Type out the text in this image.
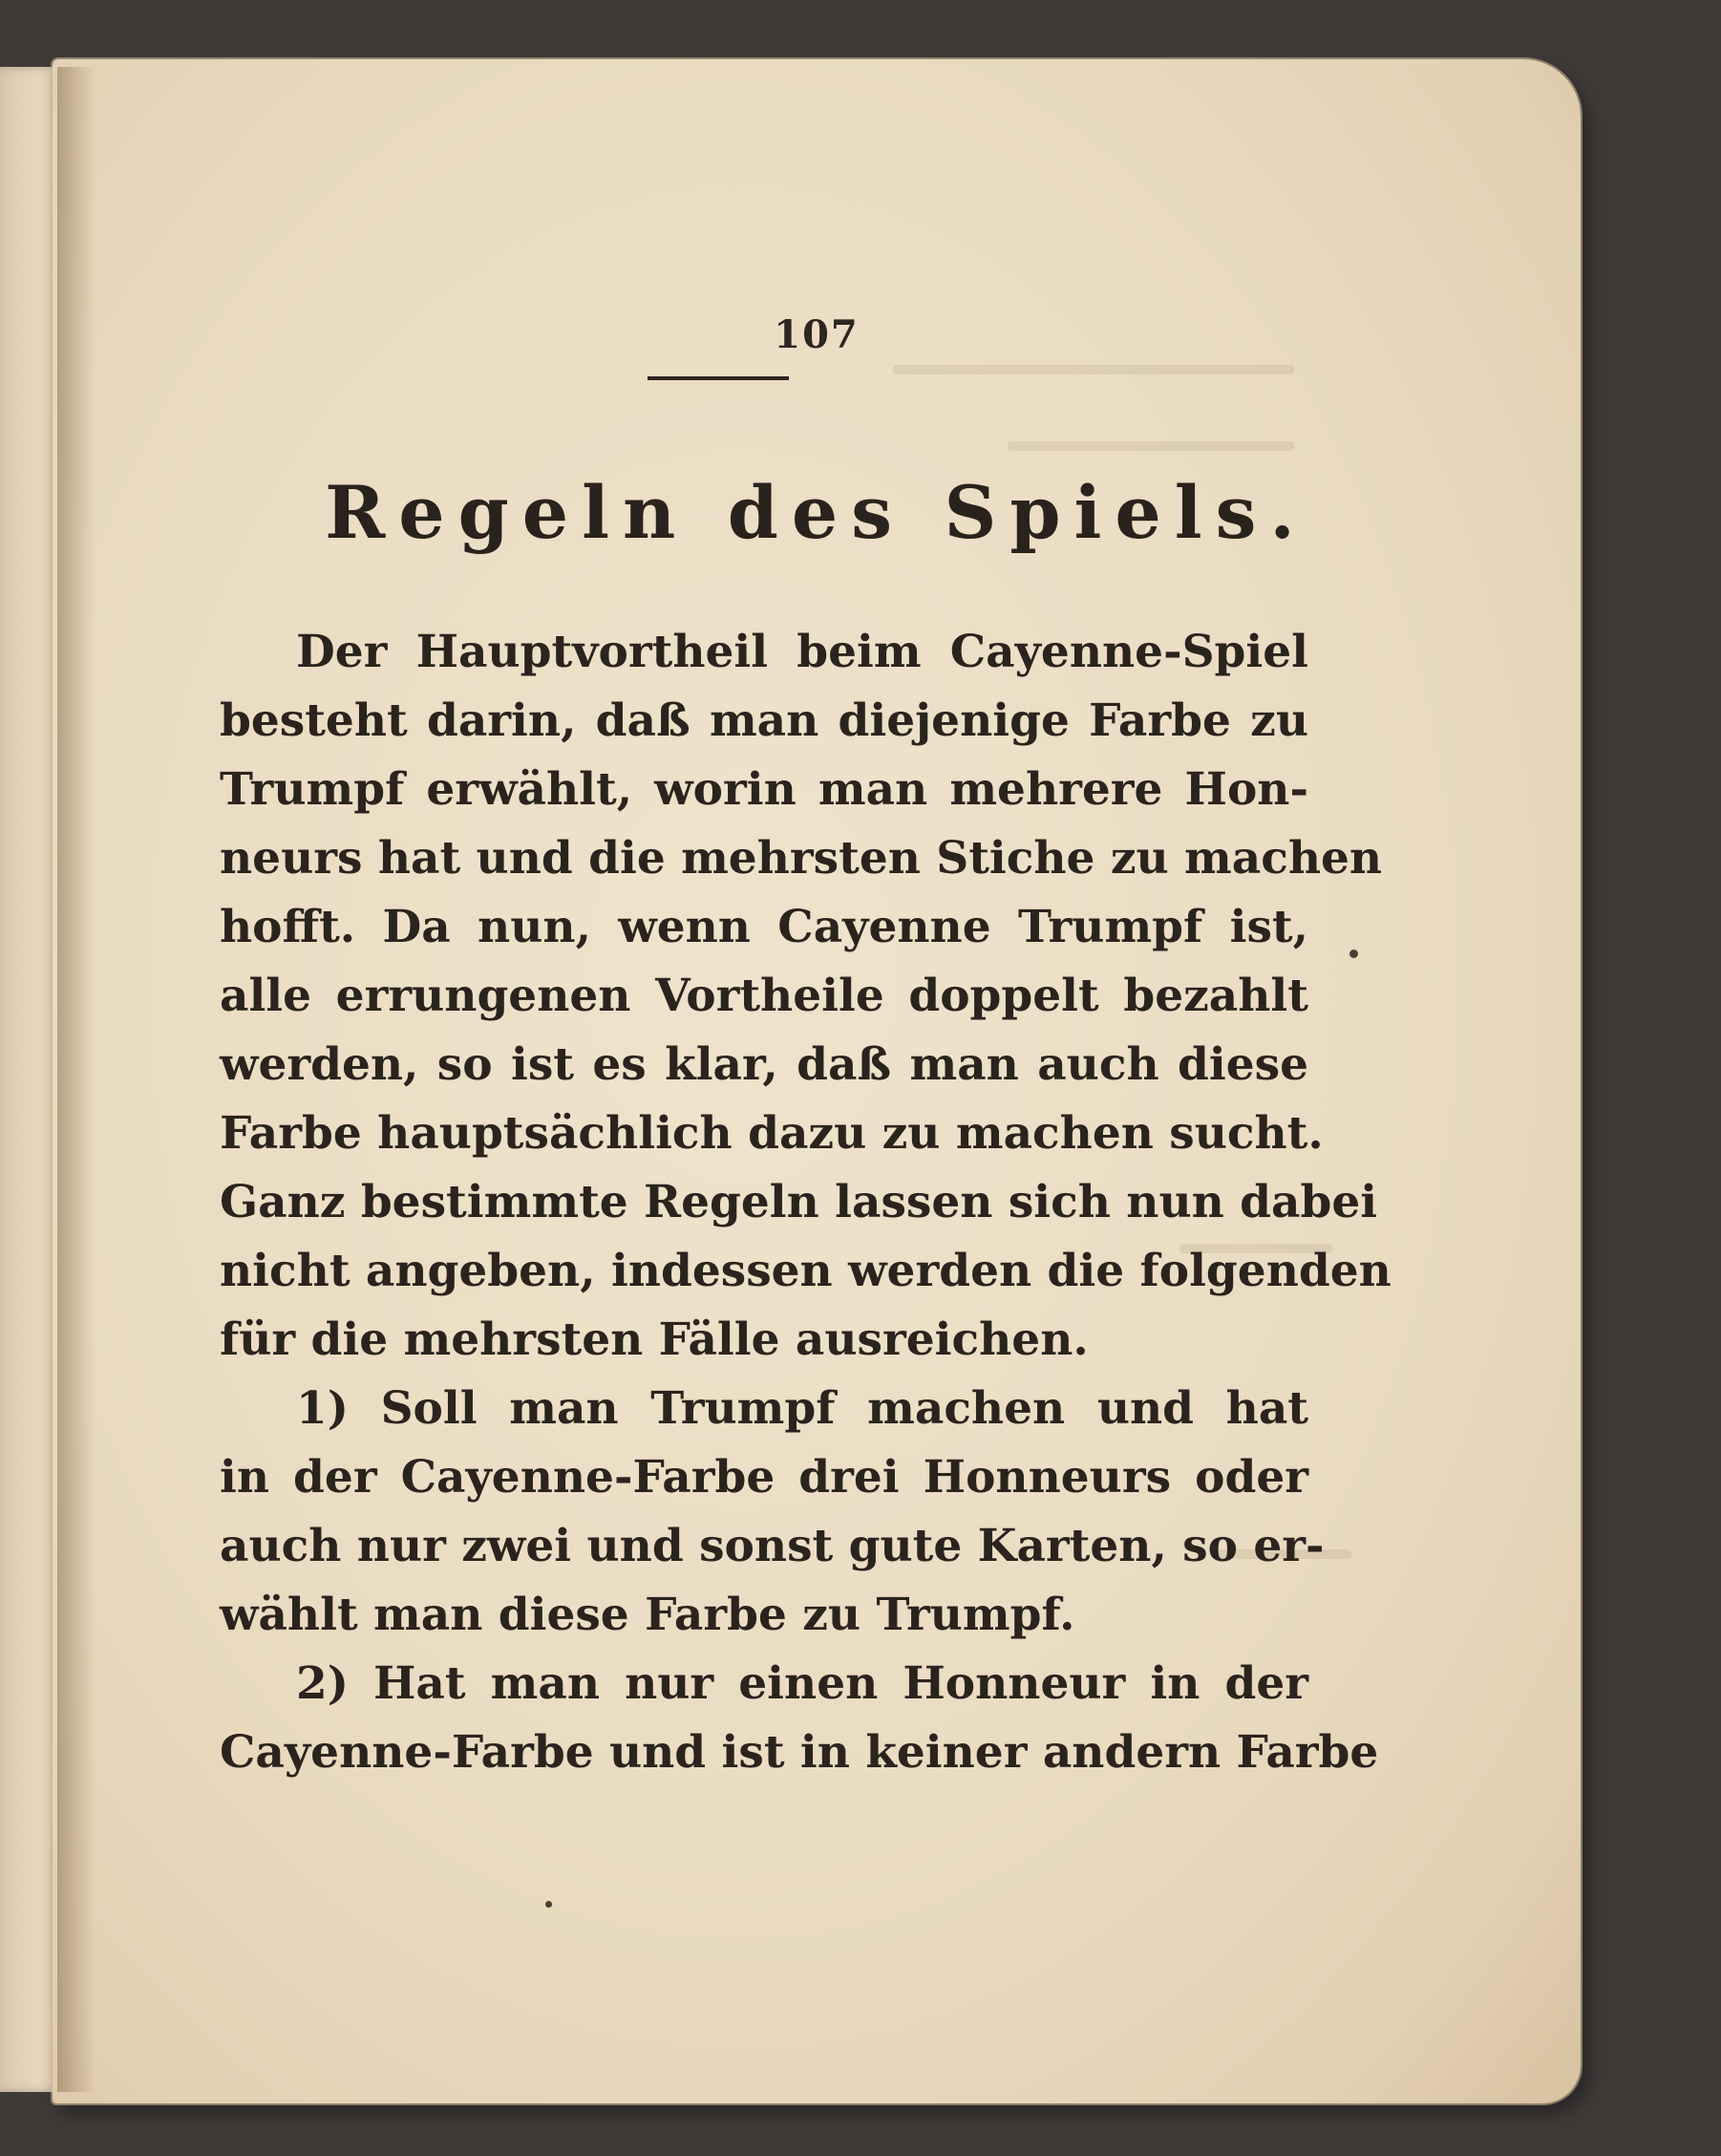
107
Regeln des Spiels.
Der Hauptvortheil beim Cayenne-Spiel
besteht darin, daß man diejenige Farbe zu
Trumpf erwählt, worin man mehrere Hon-
neurs hat und die mehrsten Stiche zu machen
hofft. Da nun, wenn Cayenne Trumpf ist,
alle errungenen Vortheile doppelt bezahlt
werden, so ist es klar, daß man auch diese
Farbe hauptsächlich dazu zu machen sucht.
Ganz bestimmte Regeln lassen sich nun dabei
nicht angeben, indessen werden die folgenden
für die mehrsten Fälle ausreichen.
1) Soll man Trumpf machen und hat
in der Cayenne-Farbe drei Honneurs oder
auch nur zwei und sonst gute Karten, so er-
wählt man diese Farbe zu Trumpf.
2) Hat man nur einen Honneur in der
Cayenne-Farbe und ist in keiner andern Farbe
